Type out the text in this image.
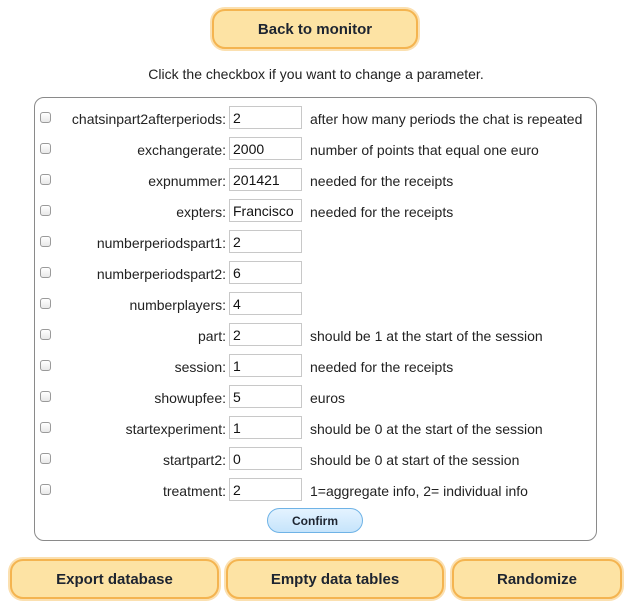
Back to monitor
Click the checkbox if you want to change a parameter.
chatsinpart2afterperiods:
2	after how many periods the chat is repeated
exchangerate:
2000	number of points that equal one euro
expnummer:
201421	needed for the receipts
expters:
Francisco	needed for the receipts
numberperiodspart1:
2
numberperiodspart2:
6
numberplayers:
4
part:
2	should be 1 at the start of the session
session:
1	needed for the receipts
showupfee:
5	euros
startexperiment:
1	should be 0 at the start of the session
startpart2:
0	should be 0 at start of the session
treatment:
2	1=aggregate info, 2= individual info
Confirm
Export database	Empty data tables	Randomize
